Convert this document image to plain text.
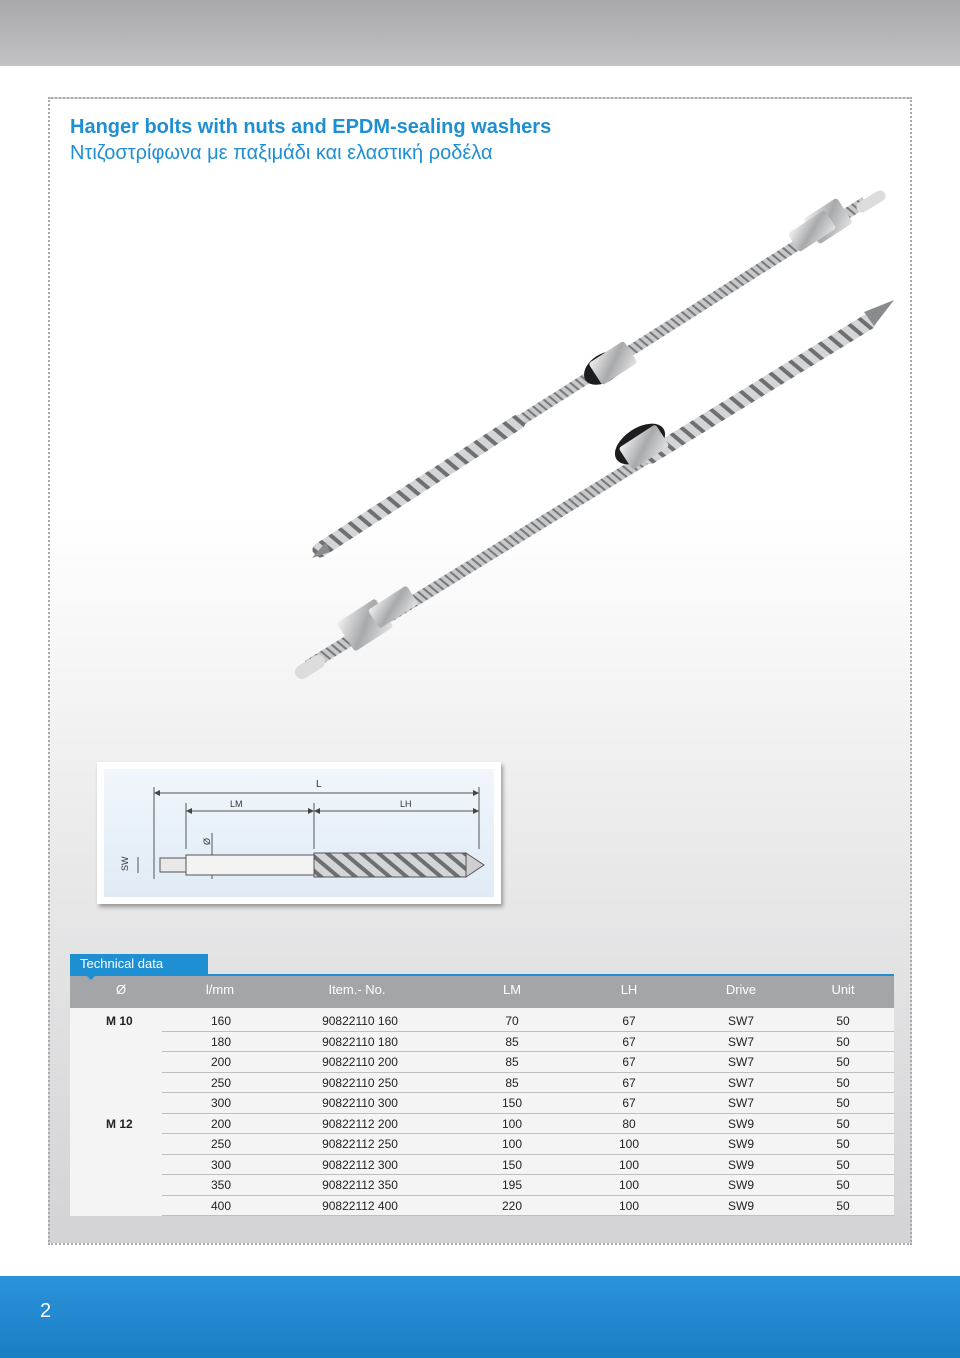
Hanger bolts with nuts and EPDM-sealing washers
Ντιζοστρίφωνα με παξιμάδι και ελαστική ροδέλα
L
LM	LH
Ø
SW
Technical data
Ø	l/mm	Item.- No.	LM	LH	Drive	Unit
M 10	160	90822110 160	70	67	SW7	50
180	90822110 180	85	67	SW7	50
200	90822110 200	85	67	SW7	50
250	90822110 250	85	67	SW7	50
300	90822110 300	150	67	SW7	50
M 12	200	90822112 200	100	80	SW9	50
250	90822112 250	100	100	SW9	50
300	90822112 300	150	100	SW9	50
350	90822112 350	195	100	SW9	50
400	90822112 400	220	100	SW9	50
2
